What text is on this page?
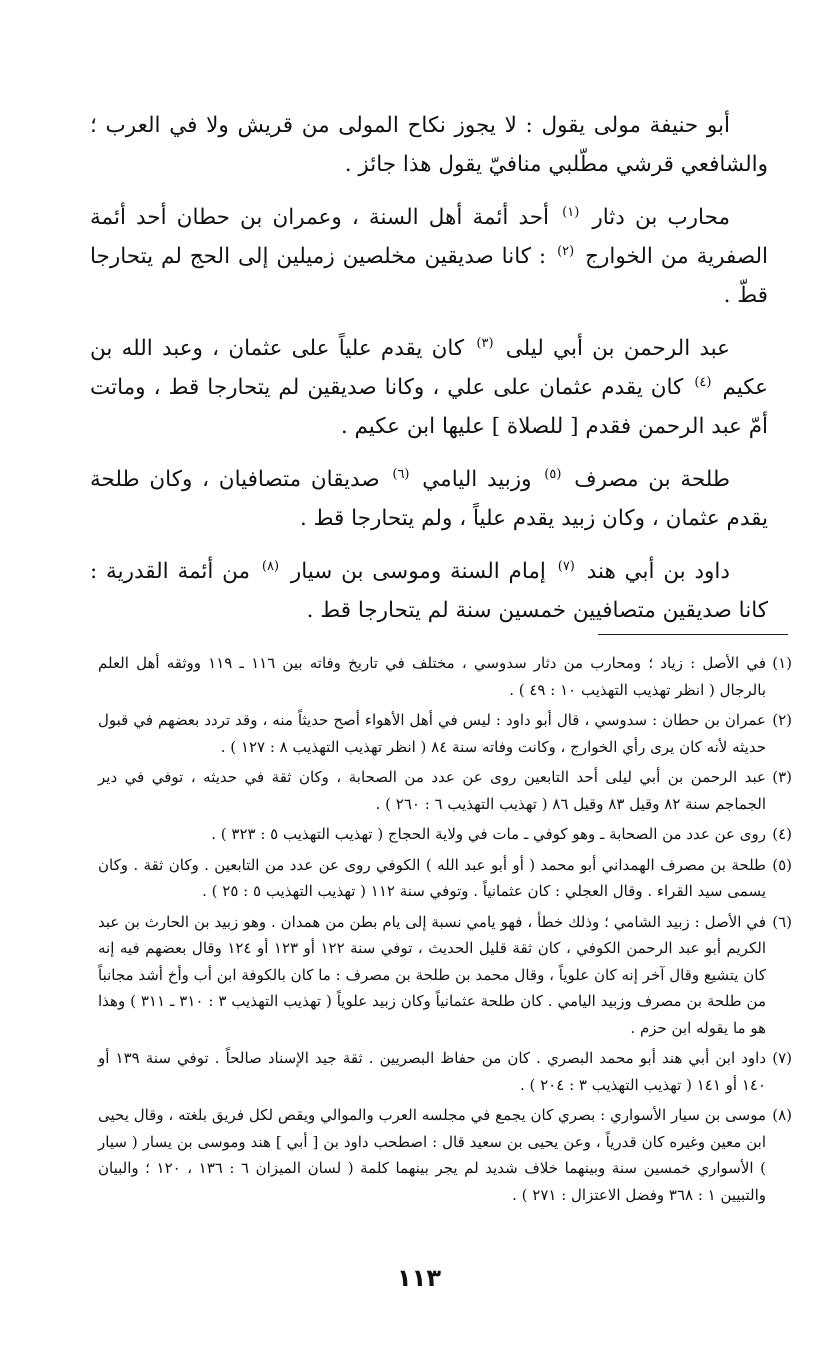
أبو حنيفة مولى يقول : لا يجوز نكاح المولى من قريش ولا في العرب ؛ والشافعي قرشي مطّلبي منافيّ يقول هذا جائز .

محارب بن دثار $^{(١)}$ أحد أئمة أهل السنة ، وعمران بن حطان أحد أئمة الصفرية من الخوارج $^{(٢)}$ : كانا صديقين مخلصين زميلين إلى الحج لم يتحارجا قطّ .

عبد الرحمن بن أبي ليلى $^{(٣)}$ كان يقدم علياً على عثمان ، وعبد الله بن عكيم $^{(٤)}$ كان يقدم عثمان على علي ، وكانا صديقين لم يتحارجا قط ، وماتت أمّ عبد الرحمن فقدم [ للصلاة ] عليها ابن عكيم .

طلحة بن مصرف $^{(٥)}$ وزبيد اليامي $^{(٦)}$ صديقان متصافيان ، وكان طلحة يقدم عثمان ، وكان زبيد يقدم علياً ، ولم يتحارجا قط .

داود بن أبي هند $^{(٧)}$ إمام السنة وموسى بن سيار $^{(٨)}$ من أئمة القدرية : كانا صديقين متصافيين خمسين سنة لم يتحارجا قط .

(١)
في الأصل : زياد ؛ ومحارب من دثار سدوسي ، مختلف في تاريخ وفاته بين ١١٦ ـ ١١٩ ووثقه أهل العلم بالرجال ( انظر تهذيب التهذيب ١٠ : ٤٩ ) .

(٢)
عمران بن حطان : سدوسي ، قال أبو داود : ليس في أهل الأهواء أصح حديثاً منه ، وقد تردد بعضهم في قبول حديثه لأنه كان يرى رأي الخوارج ، وكانت وفاته سنة ٨٤ ( انظر تهذيب التهذيب ٨ : ١٢٧ ) .

(٣)
عبد الرحمن بن أبي ليلى أحد التابعين روى عن عدد من الصحابة ، وكان ثقة في حديثه ، توفي في دير الجماجم سنة ٨٢ وقيل ٨٣ وقيل ٨٦ ( تهذيب التهذيب ٦ : ٢٦٠ ) .

(٤)
روى عن عدد من الصحابة ـ وهو كوفي ـ مات في ولاية الحجاج ( تهذيب التهذيب ٥ : ٣٢٣ ) .

(٥)
طلحة بن مصرف الهمداني أبو محمد ( أو أبو عبد الله ) الكوفي روى عن عدد من التابعين . وكان ثقة . وكان يسمى سيد القراء . وقال العجلي : كان عثمانياً . وتوفي سنة ١١٢ ( تهذيب التهذيب ٥ : ٢٥ ) .

(٦)
في الأصل : زبيد الشامي ؛ وذلك خطأ ، فهو يامي نسبة إلى يام بطن من همدان . وهو زبيد بن الحارث بن عبد الكريم أبو عبد الرحمن الكوفي ، كان ثقة قليل الحديث ، توفي سنة ١٢٢ أو ١٢٣ أو ١٢٤ وقال بعضهم فيه إنه كان يتشيع وقال آخر إنه كان علوياً ، وقال محمد بن طلحة بن مصرف : ما كان بالكوفة ابن أب وأخ أشد مجانباً من طلحة بن مصرف وزبيد اليامي . كان طلحة عثمانياً وكان زبيد علوياً ( تهذيب التهذيب ٣ : ٣١٠ ـ ٣١١ ) وهذا هو ما يقوله ابن حزم .

(٧)
داود ابن أبي هند أبو محمد البصري . كان من حفاظ البصريين . ثقة جيد الإسناد صالحاً . توفي سنة ١٣٩ أو ١٤٠ أو ١٤١ ( تهذيب التهذيب ٣ : ٢٠٤ ) .

(٨)
موسى بن سيار الأسواري : بصري كان يجمع في مجلسه العرب والموالي ويقص لكل فريق بلغته ، وقال يحيى ابن معين وغيره كان قدرياً ، وعن يحيى بن سعيد قال : اصطحب داود بن [ أبي ] هند وموسى بن يسار ( سيار ) الأسواري خمسين سنة وبينهما خلاف شديد لم يجر بينهما كلمة ( لسان الميزان ٦ : ١٣٦ ، ١٢٠ ؛ والبيان والتبيين ١ : ٣٦٨ وفضل الاعتزال : ٢٧١ ) .

١١٣
